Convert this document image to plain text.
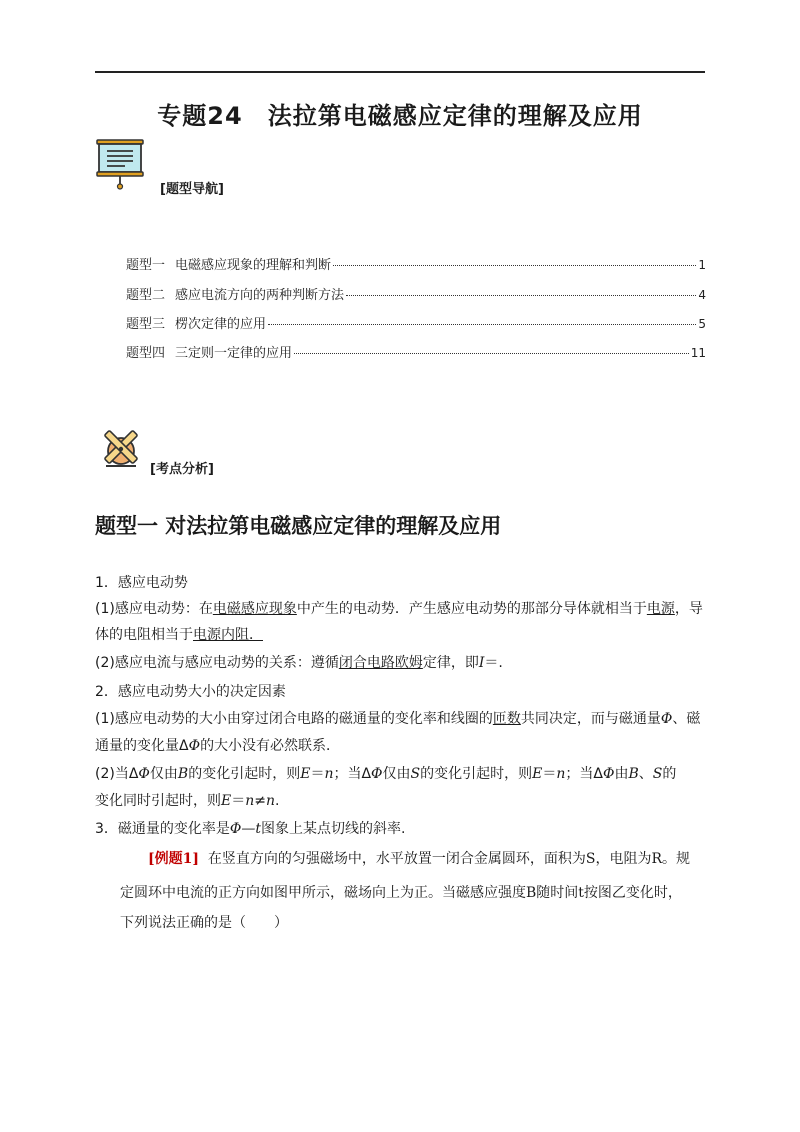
专题24　法拉第电磁感应定律的理解及应用
[题型导航]
题型一 电磁感应现象的理解和判断	1
题型二 感应电流方向的两种判断方法	4
题型三 楞次定律的应用	5
题型四 三定则一定律的应用	11
[考点分析]
题型一 对法拉第电磁感应定律的理解及应用
1．感应电动势
(1)感应电动势：在电磁感应现象中产生的电动势．产生感应电动势的那部分导体就相当于电源，导
体的电阻相当于电源内阻．
(2)感应电流与感应电动势的关系：遵循闭合电路欧姆定律，即I＝.
2．感应电动势大小的决定因素
(1)感应电动势的大小由穿过闭合电路的磁通量的变化率和线圈的匝数共同决定，而与磁通量Φ、磁
通量的变化量ΔΦ的大小没有必然联系．
(2)当ΔΦ仅由B的变化引起时，则E＝n；当ΔΦ仅由S的变化引起时，则E＝n；当ΔΦ由B、S的
变化同时引起时，则E＝n≠n.
3．磁通量的变化率是Φ—t图象上某点切线的斜率.
[例题1] 在竖直方向的匀强磁场中，水平放置一闭合金属圆环，面积为S，电阻为R。规
定圆环中电流的正方向如图甲所示，磁场向上为正。当磁感应强度B随时间t按图乙变化时，
下列说法正确的是（　　）
